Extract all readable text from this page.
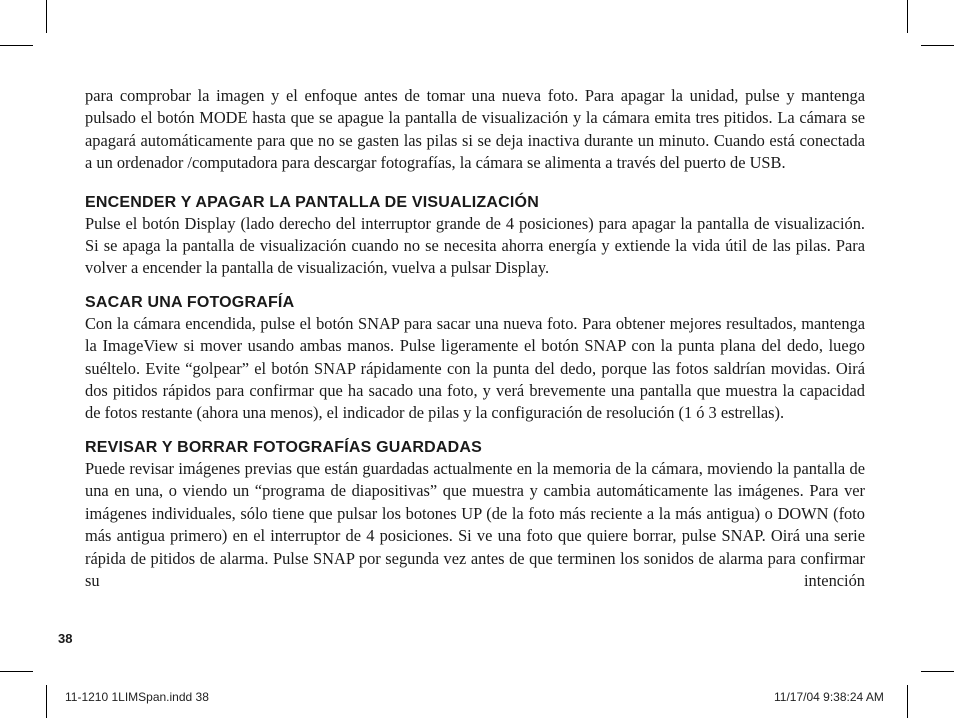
para comprobar la imagen y el enfoque antes de tomar una nueva foto. Para apagar la unidad, pulse y mantenga pulsado el botón MODE hasta que se apague la pantalla de visualización y la cámara emita tres pitidos. La cámara se apagará automáticamente para que no se gasten las pilas si se deja inactiva durante un minuto. Cuando está conectada a un ordenador /computadora para descargar fotografías, la cámara se alimenta a través del puerto de USB.

ENCENDER Y APAGAR LA PANTALLA DE VISUALIZACIÓN

Pulse el botón Display (lado derecho del interruptor grande de 4 posiciones) para apagar la pantalla de visualización. Si se apaga la pantalla de visualización cuando no se necesita ahorra energía y extiende la vida útil de las pilas. Para volver a encender la pantalla de visualización, vuelva a pulsar Display.

SACAR UNA FOTOGRAFÍA

Con la cámara encendida, pulse el botón SNAP para sacar una nueva foto. Para obtener mejores resultados, mantenga la ImageView si mover usando ambas manos. Pulse ligeramente el botón SNAP con la punta plana del dedo, luego suéltelo. Evite “golpear” el botón SNAP rápidamente con la punta del dedo, porque las fotos saldrían movidas. Oirá dos pitidos rápidos para confirmar que ha sacado una foto, y verá brevemente una pantalla que muestra la capacidad de fotos restante (ahora una menos), el indicador de pilas y la configuración de resolución (1 ó 3 estrellas).

REVISAR Y BORRAR FOTOGRAFÍAS GUARDADAS

Puede revisar imágenes previas que están guardadas actualmente en la memoria de la cámara, moviendo la pantalla de una en una, o viendo un “programa de diapositivas” que muestra y cambia automáticamente las imágenes. Para ver imágenes individuales, sólo tiene que pulsar los botones UP (de la foto más reciente a la más antigua) o DOWN (foto más antigua primero) en el interruptor de 4 posiciones. Si ve una foto que quiere borrar, pulse SNAP. Oirá una serie rápida de pitidos de alarma. Pulse SNAP por segunda vez antes de que terminen los sonidos de alarma para confirmar su intención

38
11-1210 1LIMSpan.indd 38	11/17/04 9:38:24 AM
